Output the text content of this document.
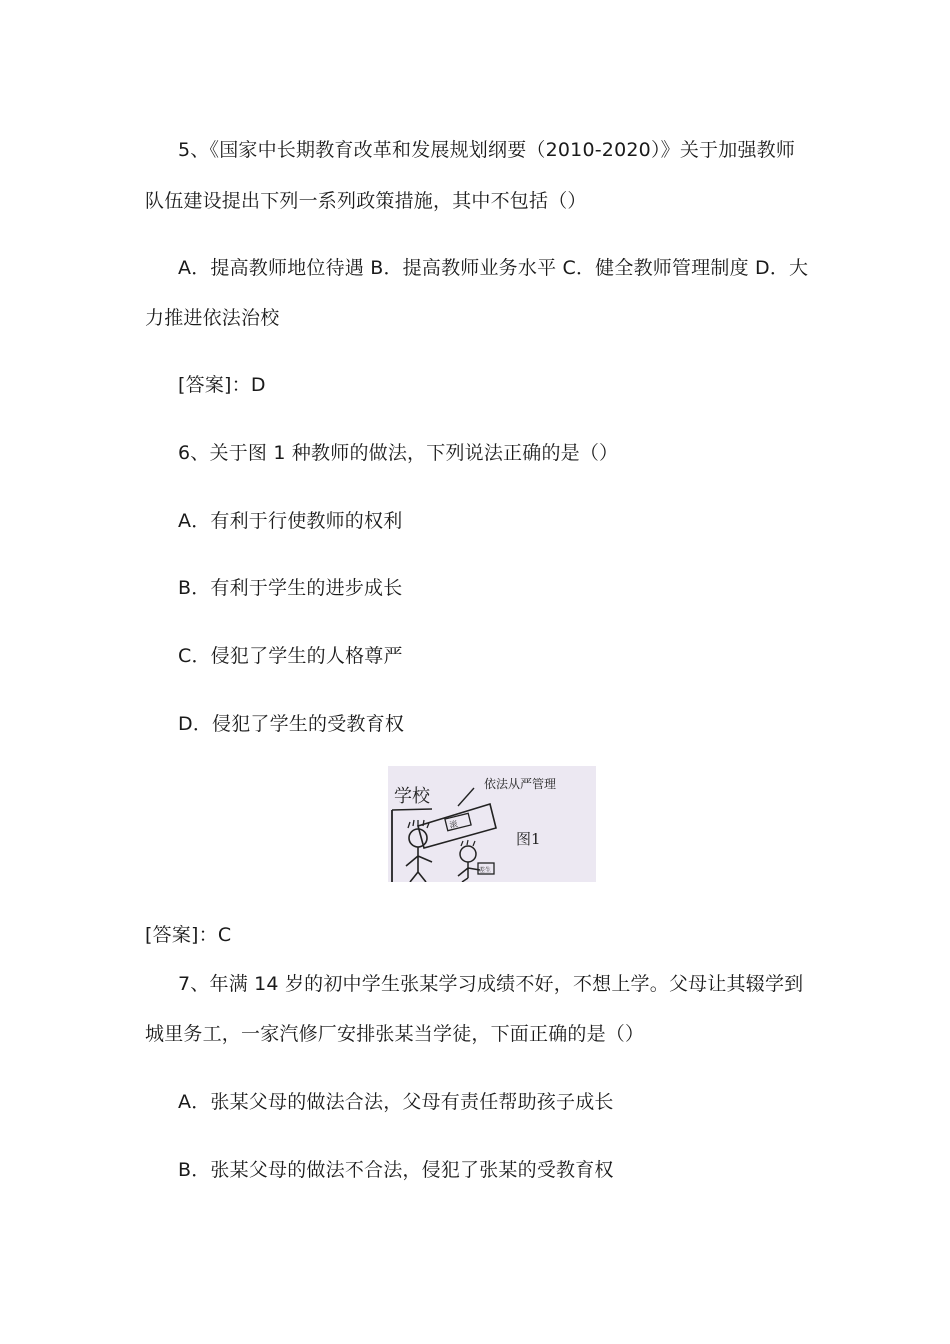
5、《国家中长期教育改革和发展规划纲要（2010-2020）》关于加强教师
队伍建设提出下列一系列政策措施，其中不包括（）
A．提高教师地位待遇 B．提高教师业务水平 C．健全教师管理制度 D．大
力推进依法治校
[答案]：D
6、关于图 1 种教师的做法，下列说法正确的是（）
A．有利于行使教师的权利
B．有利于学生的进步成长
C．侵犯了学生的人格尊严
D．侵犯了学生的受教育权
学校
依法从严管理
图1
滚
差生
[答案]：C
7、年满 14 岁的初中学生张某学习成绩不好，不想上学。父母让其辍学到
城里务工，一家汽修厂安排张某当学徒，下面正确的是（）
A．张某父母的做法合法，父母有责任帮助孩子成长
B．张某父母的做法不合法，侵犯了张某的受教育权
